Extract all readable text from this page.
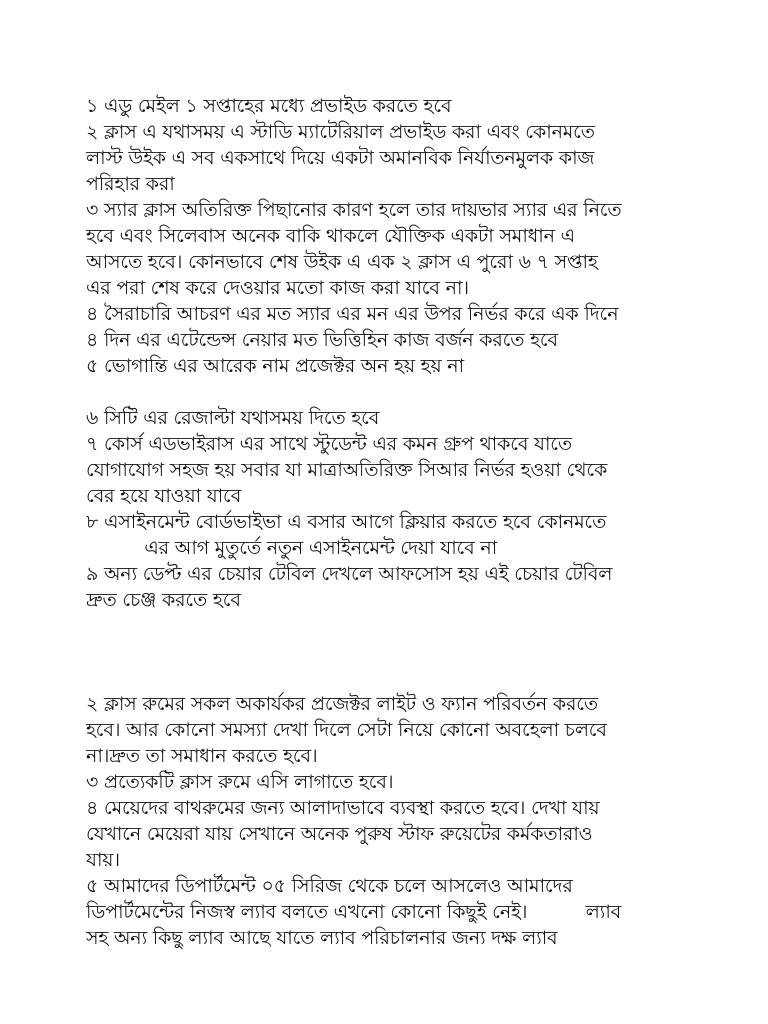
১ এডু মেইল ১ সপ্তাহের মধ্যে প্রভাইড করতে হবে
২ ক্লাস এ যথাসময় এ স্টাডি ম্যাটেরিয়াল প্রভাইড করা এবং কোনমতে
লাস্ট উইক এ সব একসাথে দিয়ে একটা অমানবিক নির্যাতনমুলক কাজ
পরিহার করা
৩ স্যার ক্লাস অতিরিক্ত পিছানোর কারণ হলে তার দায়ভার স্যার এর নিতে
হবে এবং সিলেবাস অনেক বাকি থাকলে যৌক্তিক একটা সমাধান এ
আসতে হবে। কোনভাবে শেষ উইক এ এক ২ ক্লাস এ পুরো ৬ ৭ সপ্তাহ
এর পরা শেষ করে দেওয়ার মতো কাজ করা যাবে না।
৪ সৈরাচারি আচরণ এর মত স্যার এর মন এর উপর নির্ভর করে এক দিনে
৪ দিন এর এটেন্ডেন্স নেয়ার মত ভিত্তিহিন কাজ বর্জন করতে হবে
৫ ভোগান্তি এর আরেক নাম প্রজেক্টর অন হয় হয় না
৬ সিটি এর রেজাল্টা যথাসময় দিতে হবে
৭ কোর্স এডভাইরাস এর সাথে স্টুডেন্ট এর কমন গ্রুপ থাকবে যাতে
যোগাযোগ সহজ হয় সবার যা মাত্রাঅতিরিক্ত সিআর নির্ভর হওয়া থেকে
বের হয়ে যাওয়া যাবে
৮ এসাইনমেন্ট বোর্ডভাইভা এ বসার আগে ক্লিয়ার করতে হবে কোনমতে
এর আগ মুতুর্তে নতুন এসাইনমেন্ট দেয়া যাবে না
৯ অন্য ডেপ্ট এর চেয়ার টেবিল দেখলে আফসোস হয় এই চেয়ার টেবিল
দ্রুত চেঞ্জ করতে হবে
২ ক্লাস রুমের সকল অকার্যকর প্রজেক্টর লাইট ও ফ্যান পরিবর্তন করতে
হবে। আর কোনো সমস্যা দেখা দিলে সেটা নিয়ে কোনো অবহেলা চলবে
না।দ্রুত তা সমাধান করতে হবে।
৩ প্রত্যেকটি ক্লাস রুমে এসি লাগাতে হবে।
৪ মেয়েদের বাথরুমের জন্য আলাদাভাবে ব্যবস্থা করতে হবে। দেখা যায়
যেখানে মেয়েরা যায় সেখানে অনেক পুরুষ স্টাফ রুয়েটের কর্মকতারাও
যায়।
৫ আমাদের ডিপার্টমেন্ট ০৫ সিরিজ থেকে চলে আসলেও আমাদের
ডিপার্টমেন্টের নিজস্ব ল্যাব বলতে এখনো কোনো কিছুই নেই।          ল্যাব
সহ অন্য কিছু ল্যাব আছে যাতে ল্যাব পরিচালনার জন্য দক্ষ ল্যাব
